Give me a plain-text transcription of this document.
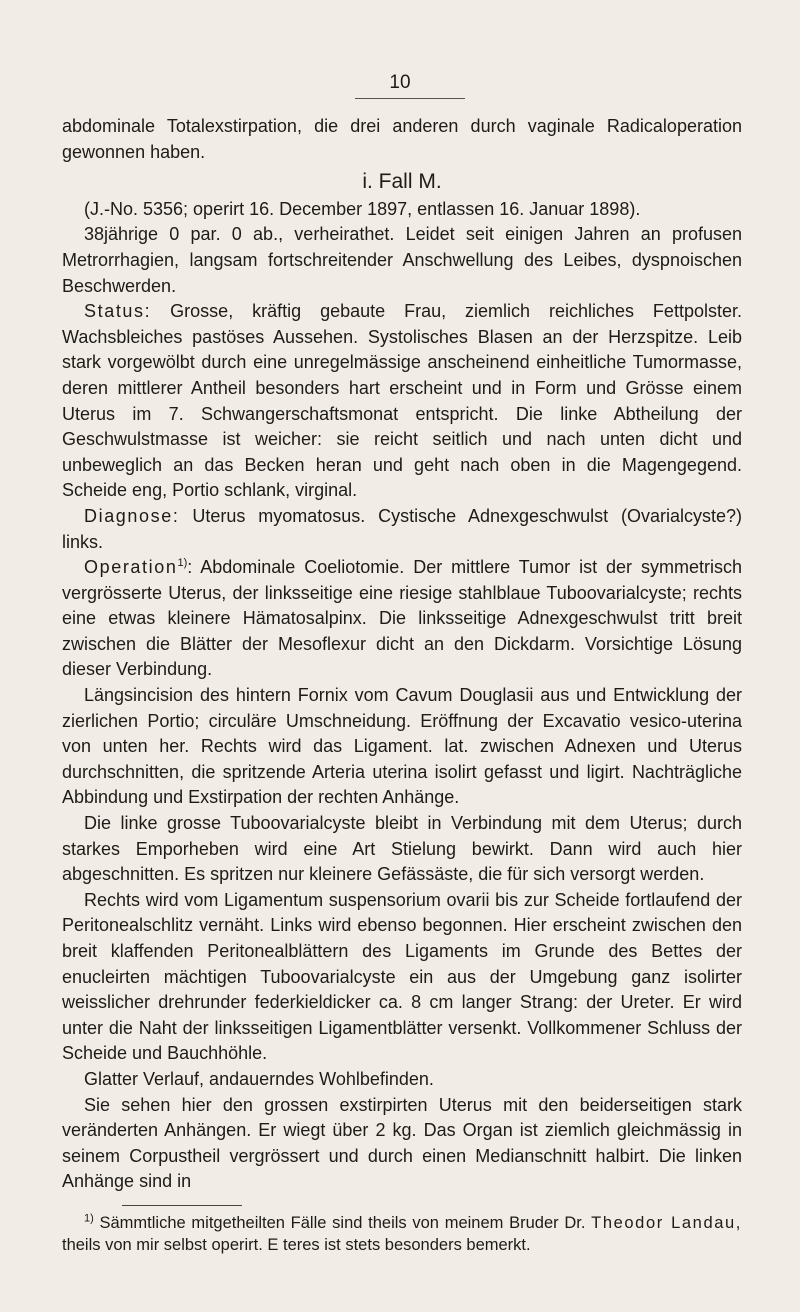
10

abdominale Totalexstirpation, die drei anderen durch vaginale Radicaloperation gewonnen haben.

i. Fall M.

(J.-No. 5356; operirt 16. December 1897, entlassen 16. Januar 1898).

38jährige 0 par. 0 ab., verheirathet. Leidet seit einigen Jahren an profusen Metrorrhagien, langsam fortschreitender Anschwellung des Leibes, dyspnoischen Beschwerden.

Status: Grosse, kräftig gebaute Frau, ziemlich reichliches Fettpolster. Wachsbleiches pastöses Aussehen. Systolisches Blasen an der Herzspitze. Leib stark vorgewölbt durch eine unregelmässige anscheinend einheitliche Tumormasse, deren mittlerer Antheil besonders hart erscheint und in Form und Grösse einem Uterus im 7. Schwangerschaftsmonat entspricht. Die linke Abtheilung der Geschwulstmasse ist weicher: sie reicht seitlich und nach unten dicht und unbeweglich an das Becken heran und geht nach oben in die Magengegend. Scheide eng, Portio schlank, virginal.

Diagnose: Uterus myomatosus. Cystische Adnexgeschwulst (Ovarialcyste?) links.

Operation$^{1)}$: Abdominale Coeliotomie. Der mittlere Tumor ist der symmetrisch vergrösserte Uterus, der linksseitige eine riesige stahlblaue Tuboovarialcyste; rechts eine etwas kleinere Hämatosalpinx. Die linksseitige Adnexgeschwulst tritt breit zwischen die Blätter der Mesoflexur dicht an den Dickdarm. Vorsichtige Lösung dieser Verbindung.

Längsincision des hintern Fornix vom Cavum Douglasii aus und Entwicklung der zierlichen Portio; circuläre Umschneidung. Eröffnung der Excavatio vesico-uterina von unten her. Rechts wird das Ligament. lat. zwischen Adnexen und Uterus durchschnitten, die spritzende Arteria uterina isolirt gefasst und ligirt. Nachträgliche Abbindung und Exstirpation der rechten Anhänge.

Die linke grosse Tuboovarialcyste bleibt in Verbindung mit dem Uterus; durch starkes Emporheben wird eine Art Stielung bewirkt. Dann wird auch hier abgeschnitten. Es spritzen nur kleinere Gefässäste, die für sich versorgt werden.

Rechts wird vom Ligamentum suspensorium ovarii bis zur Scheide fortlaufend der Peritonealschlitz vernäht. Links wird ebenso begonnen. Hier erscheint zwischen den breit klaffenden Peritonealblättern des Ligaments im Grunde des Bettes der enucleirten mächtigen Tuboovarialcyste ein aus der Umgebung ganz isolirter weisslicher drehrunder federkieldicker ca. 8 cm langer Strang: der Ureter. Er wird unter die Naht der linksseitigen Ligamentblätter versenkt. Vollkommener Schluss der Scheide und Bauchhöhle.

Glatter Verlauf, andauerndes Wohlbefinden.

Sie sehen hier den grossen exstirpirten Uterus mit den beiderseitigen stark veränderten Anhängen. Er wiegt über 2 kg. Das Organ ist ziemlich gleichmässig in seinem Corpustheil vergrössert und durch einen Medianschnitt halbirt. Die linken Anhänge sind in

$^{1)}$ Sämmtliche mitgetheilten Fälle sind theils von meinem Bruder Dr. Theodor Landau, theils von mir selbst operirt. E teres ist stets besonders bemerkt.
